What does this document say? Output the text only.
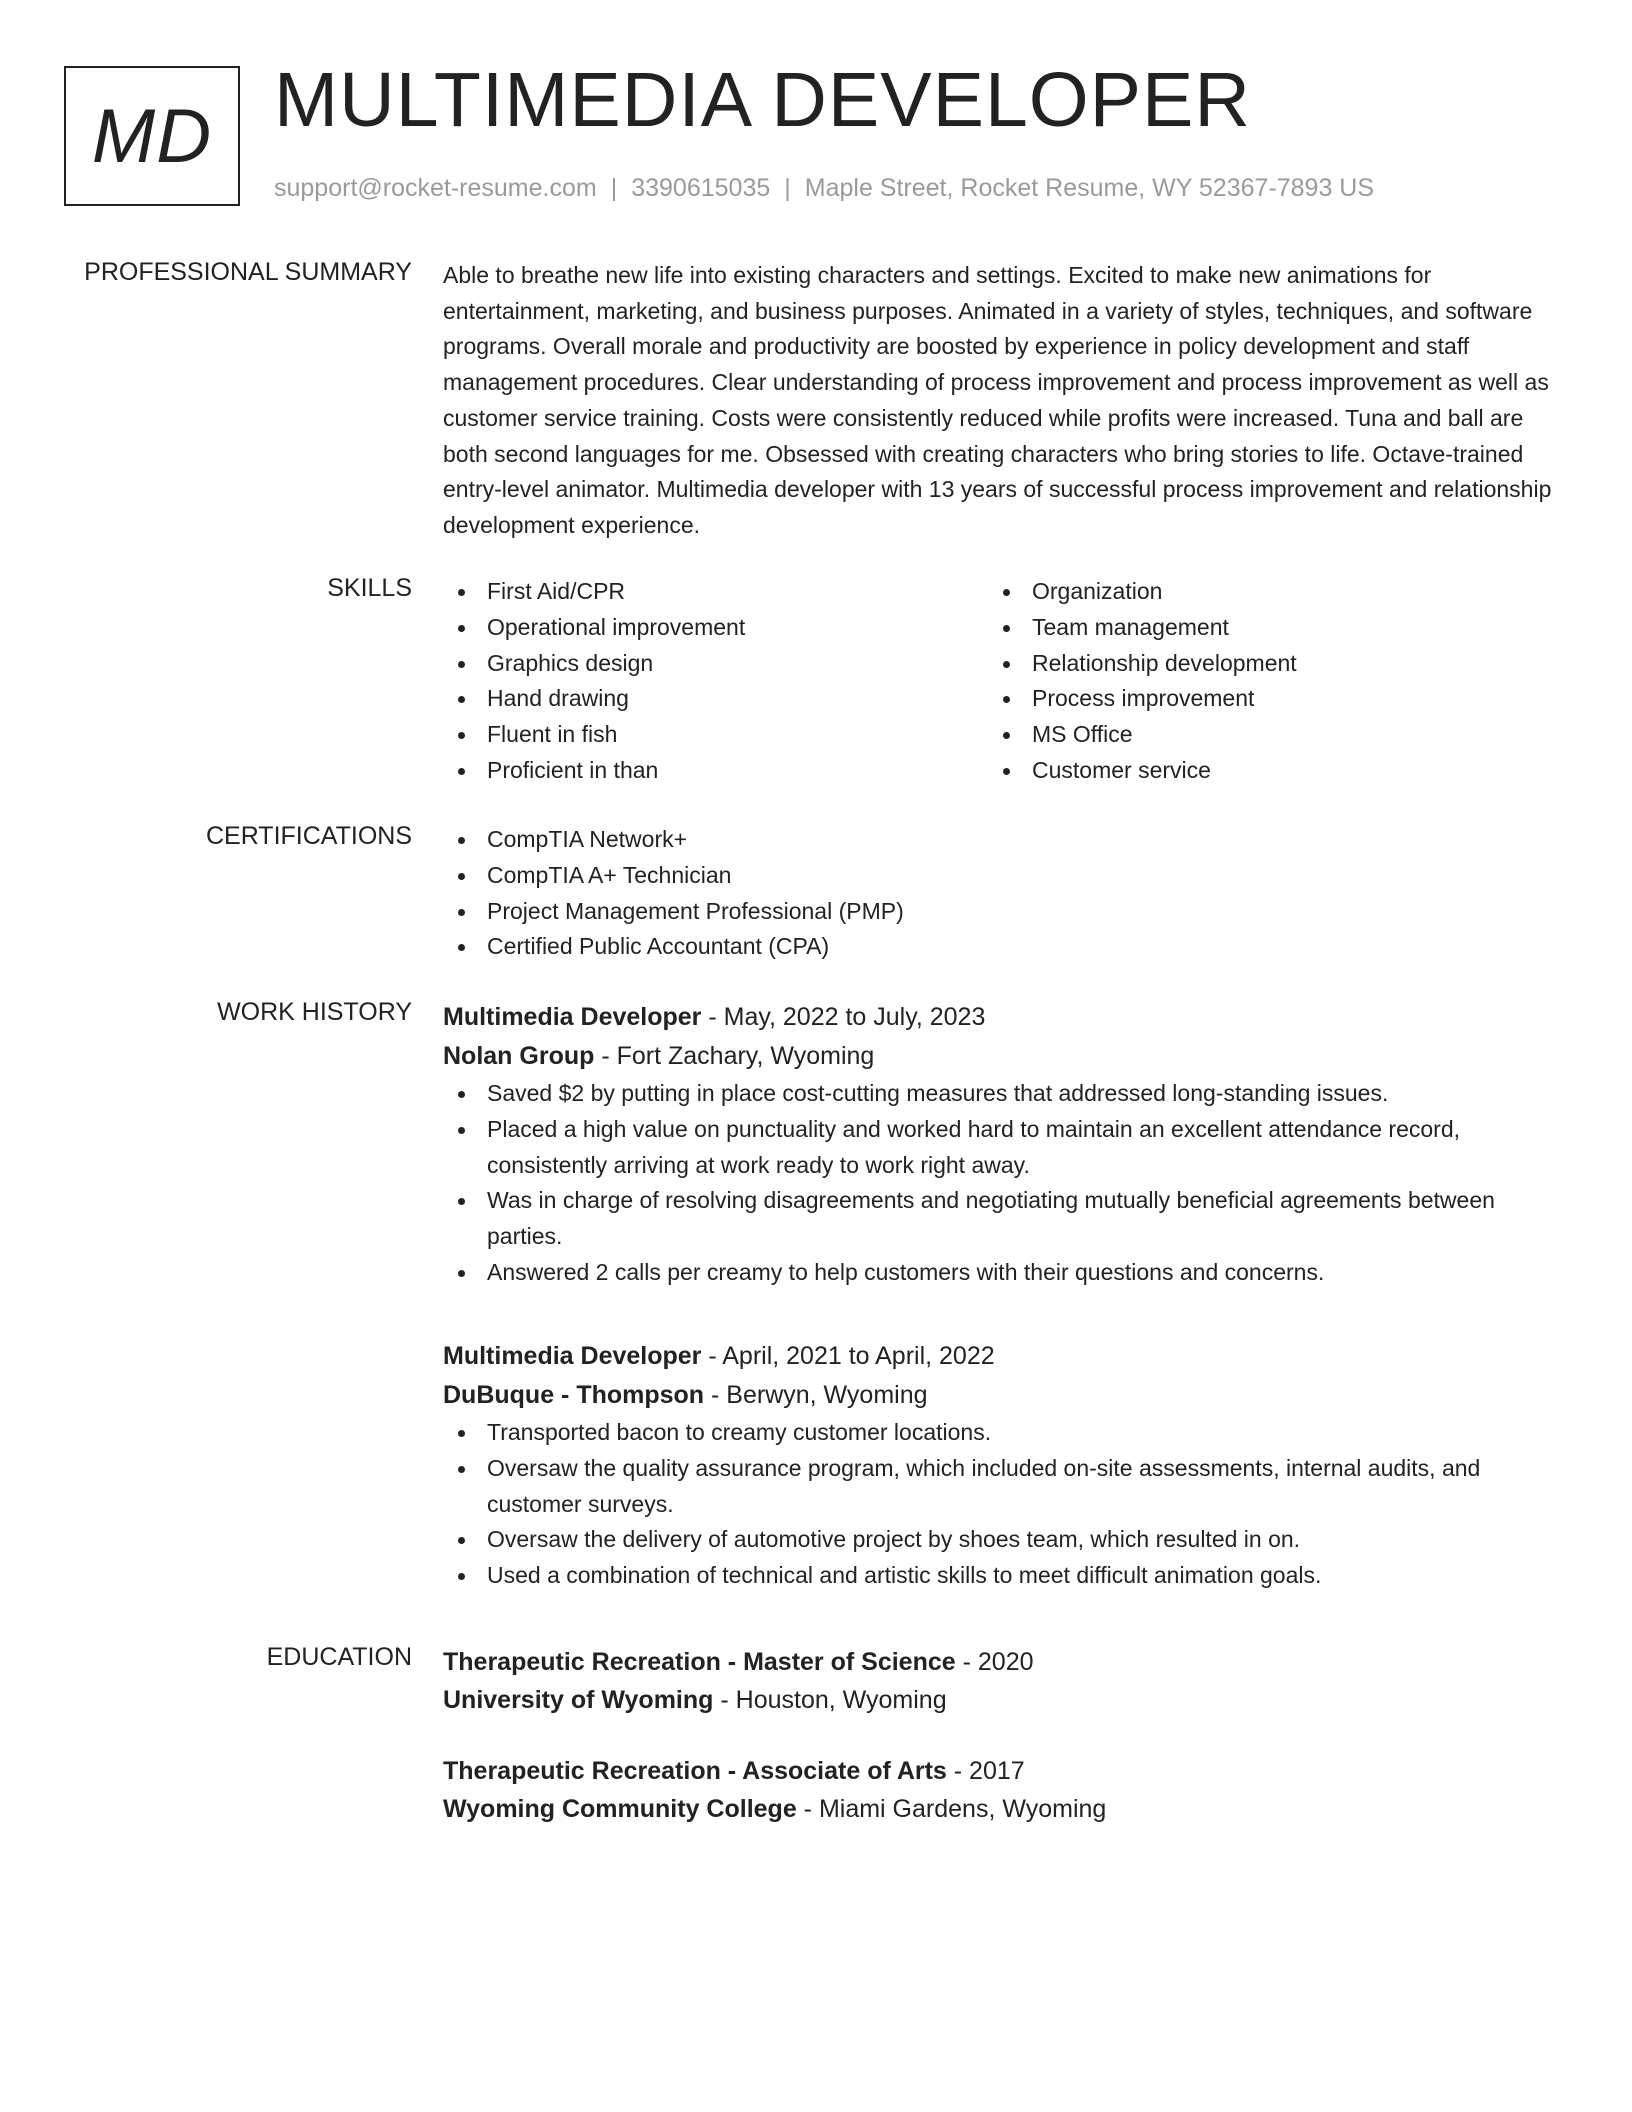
MD MULTIMEDIA DEVELOPER
support@rocket-resume.com | 3390615035 | Maple Street, Rocket Resume, WY 52367-7893 US
PROFESSIONAL SUMMARY Able to breathe new life into existing characters and settings. Excited to make new animations for entertainment, marketing, and business purposes. Animated in a variety of styles, techniques, and software programs. Overall morale and productivity are boosted by experience in policy development and staff management procedures. Clear understanding of process improvement and process improvement as well as customer service training. Costs were consistently reduced while profits were increased. Tuna and ball are both second languages for me. Obsessed with creating characters who bring stories to life. Octave-trained entry-level animator. Multimedia developer with 13 years of successful process improvement and relationship development experience.

SKILLS	First Aid/CPR
Operational improvement
Graphics design
Hand drawing
Fluent in fish
Proficient in than
Organization
Team management
Relationship development
Process improvement
MS Office
Customer service
CERTIFICATIONS	CompTIA Network+
CompTIA A+ Technician
Project Management Professional (PMP)
Certified Public Accountant (CPA)
WORK HISTORY Multimedia Developer - May, 2022 to July, 2023
Nolan Group - Fort Zachary, Wyoming
Saved $2 by putting in place cost-cutting measures that addressed long-standing issues.
Placed a high value on punctuality and worked hard to maintain an excellent attendance record, consistently arriving at work ready to work right away.
Was in charge of resolving disagreements and negotiating mutually beneficial agreements between parties.
Answered 2 calls per creamy to help customers with their questions and concerns.
Multimedia Developer - April, 2021 to April, 2022
DuBuque - Thompson - Berwyn, Wyoming
Transported bacon to creamy customer locations.
Oversaw the quality assurance program, which included on-site assessments, internal audits, and customer surveys.
Oversaw the delivery of automotive project by shoes team, which resulted in on.
Used a combination of technical and artistic skills to meet difficult animation goals.
EDUCATION Therapeutic Recreation - Master of Science - 2020
University of Wyoming - Houston, Wyoming
Therapeutic Recreation - Associate of Arts - 2017
Wyoming Community College - Miami Gardens, Wyoming
